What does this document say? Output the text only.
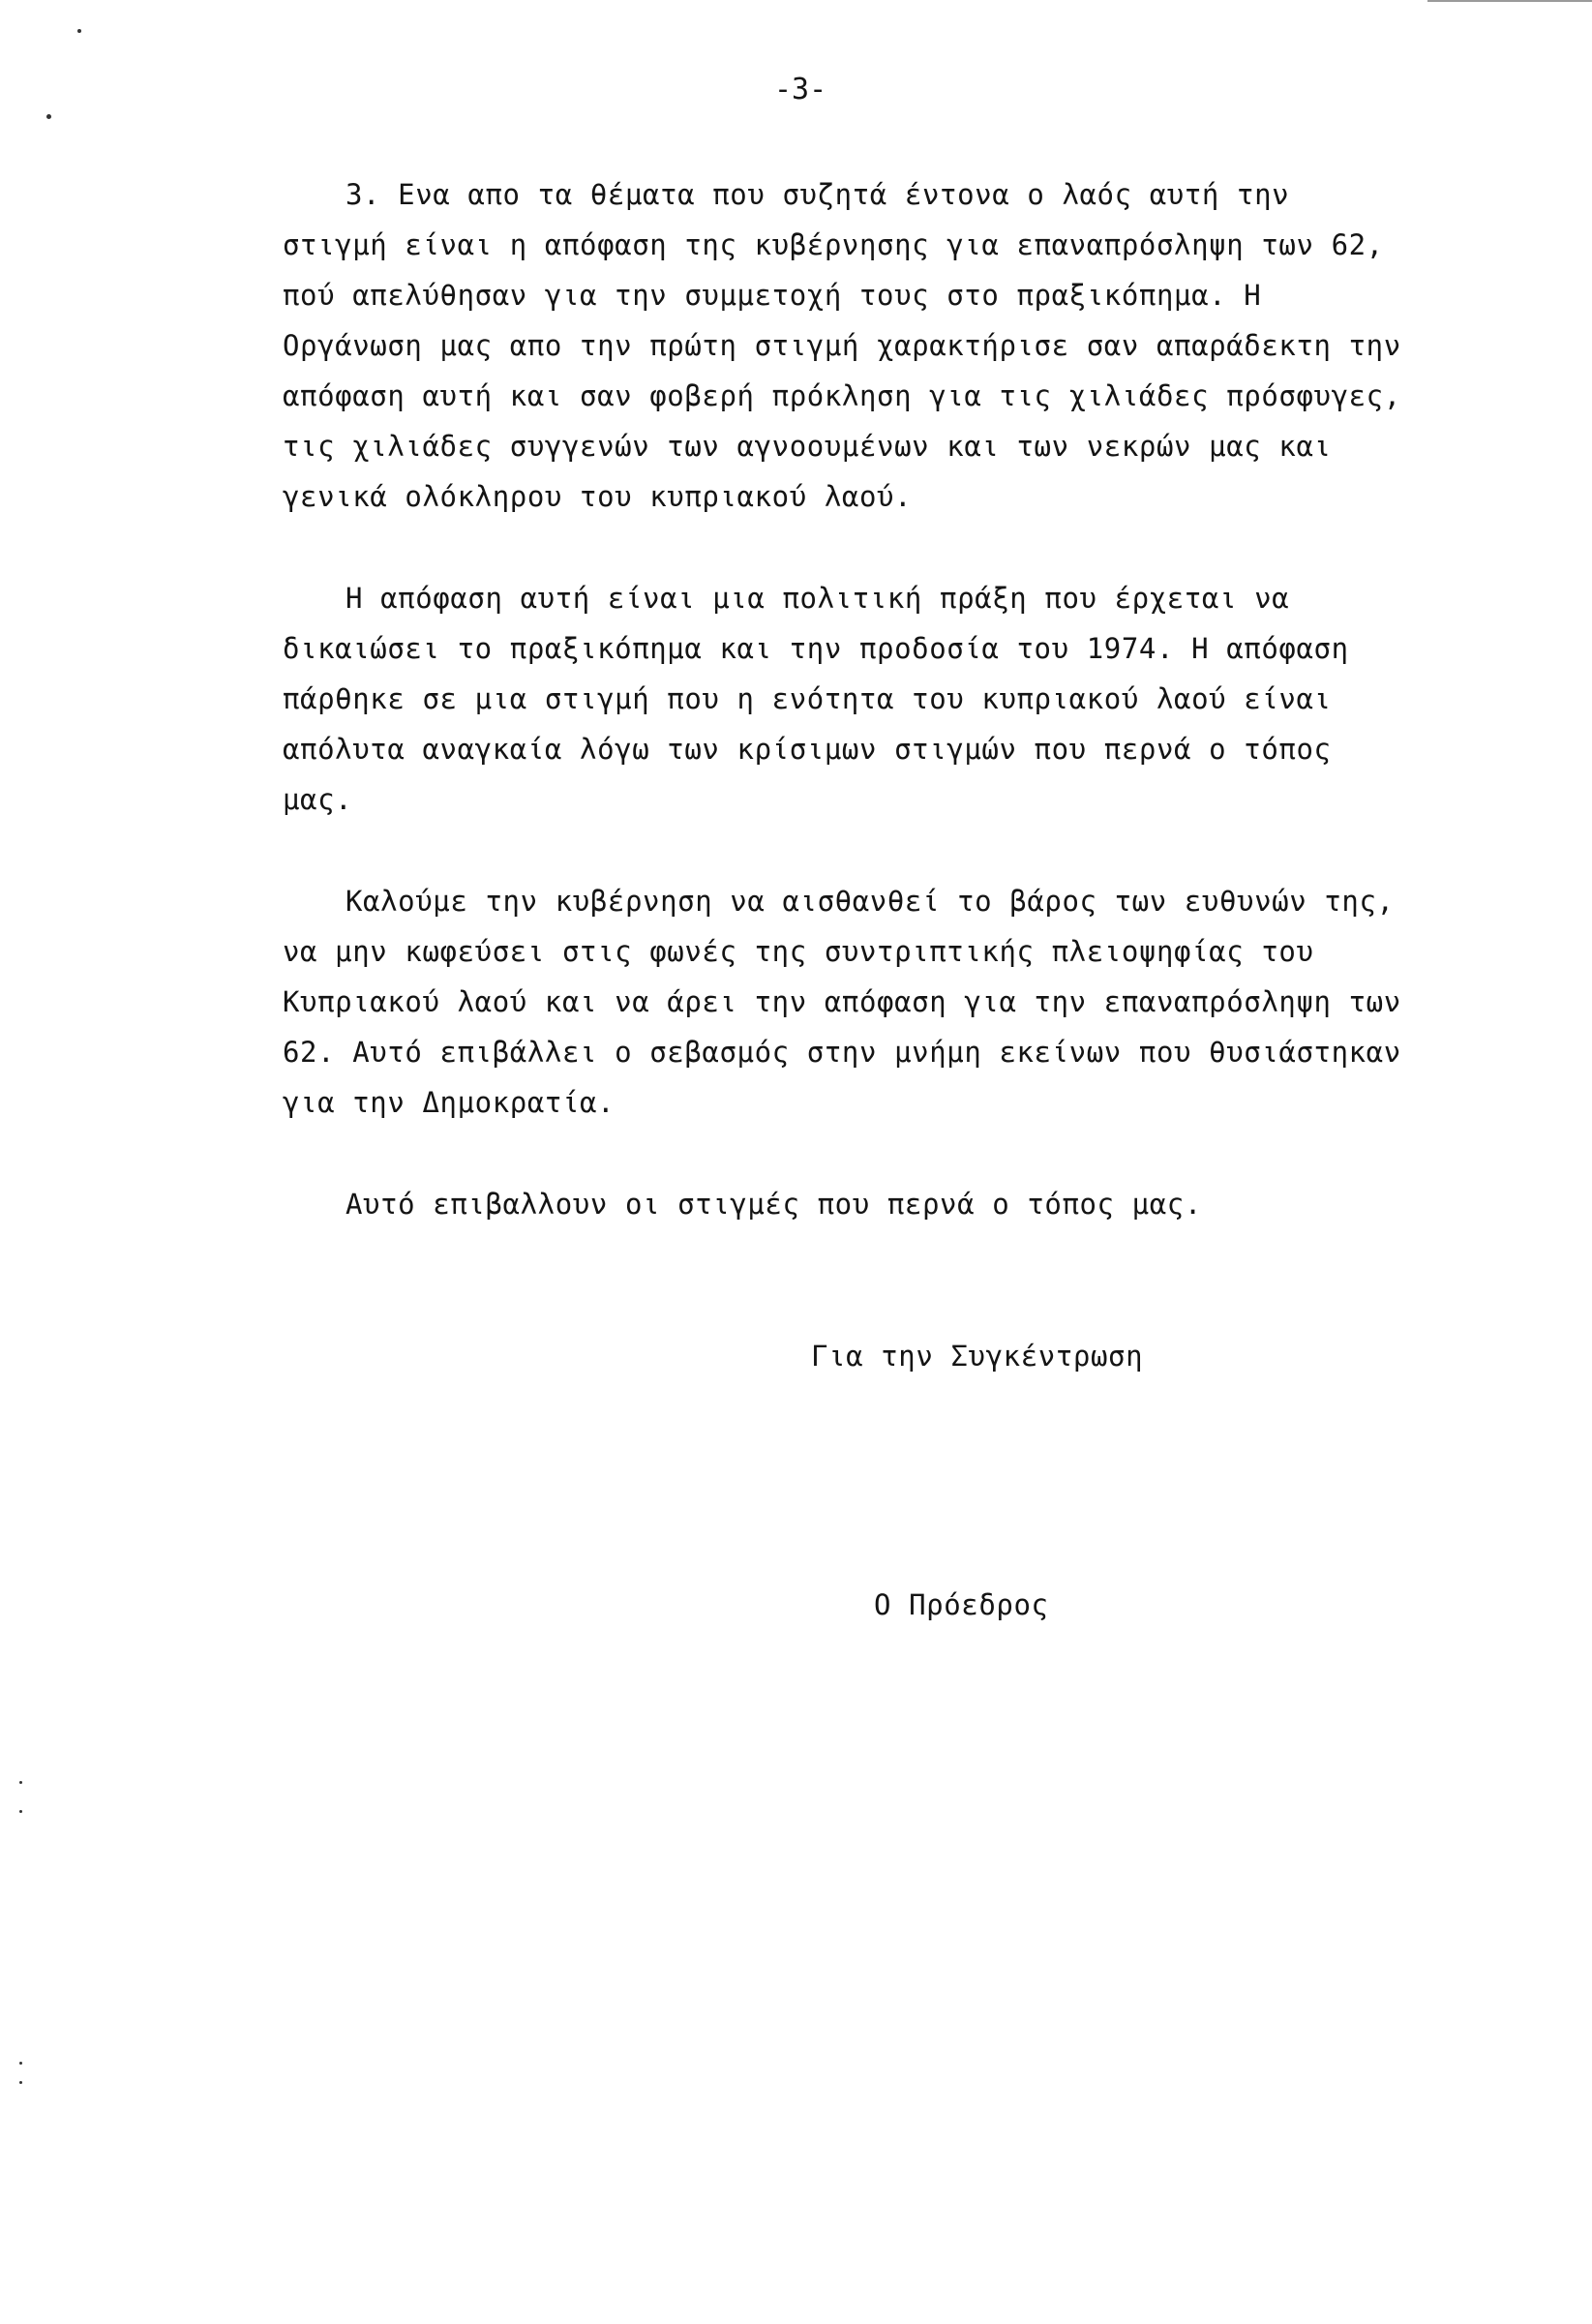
-3-
3. Ενα απο τα θέματα που συζητά έντονα ο λαός αυτή την
στιγμή είναι η απόφαση της κυβέρνησης για επαναπρόσληψη των 62,
πού απελύθησαν για την συμμετοχή τους στο πραξικόπημα. Η
Οργάνωση μας απο την πρώτη στιγμή χαρακτήρισε σαν απαράδεκτη την
απόφαση αυτή και σαν φοβερή πρόκληση για τις χιλιάδες πρόσφυγες,
τις χιλιάδες συγγενών των αγνοουμένων και των νεκρών μας και
γενικά ολόκληρου του κυπριακού λαού.
Η απόφαση αυτή είναι μια πολιτική πράξη που έρχεται να
δικαιώσει το πραξικόπημα και την προδοσία του 1974. Η απόφαση
πάρθηκε σε μια στιγμή που η ενότητα του κυπριακού λαού είναι
απόλυτα αναγκαία λόγω των κρίσιμων στιγμών που περνά ο τόπος
μας.
Καλούμε την κυβέρνηση να αισθανθεί το βάρος των ευθυνών της,
να μην κωφεύσει στις φωνές της συντριπτικής πλειοψηφίας του
Κυπριακού λαού και να άρει την απόφαση για την επαναπρόσληψη των
62. Αυτό επιβάλλει ο σεβασμός στην μνήμη εκείνων που θυσιάστηκαν
για την Δημοκρατία.
Αυτό επιβαλλουν οι στιγμές που περνά ο τόπος μας.
Για την Συγκέντρωση
Ο Πρόεδρος
